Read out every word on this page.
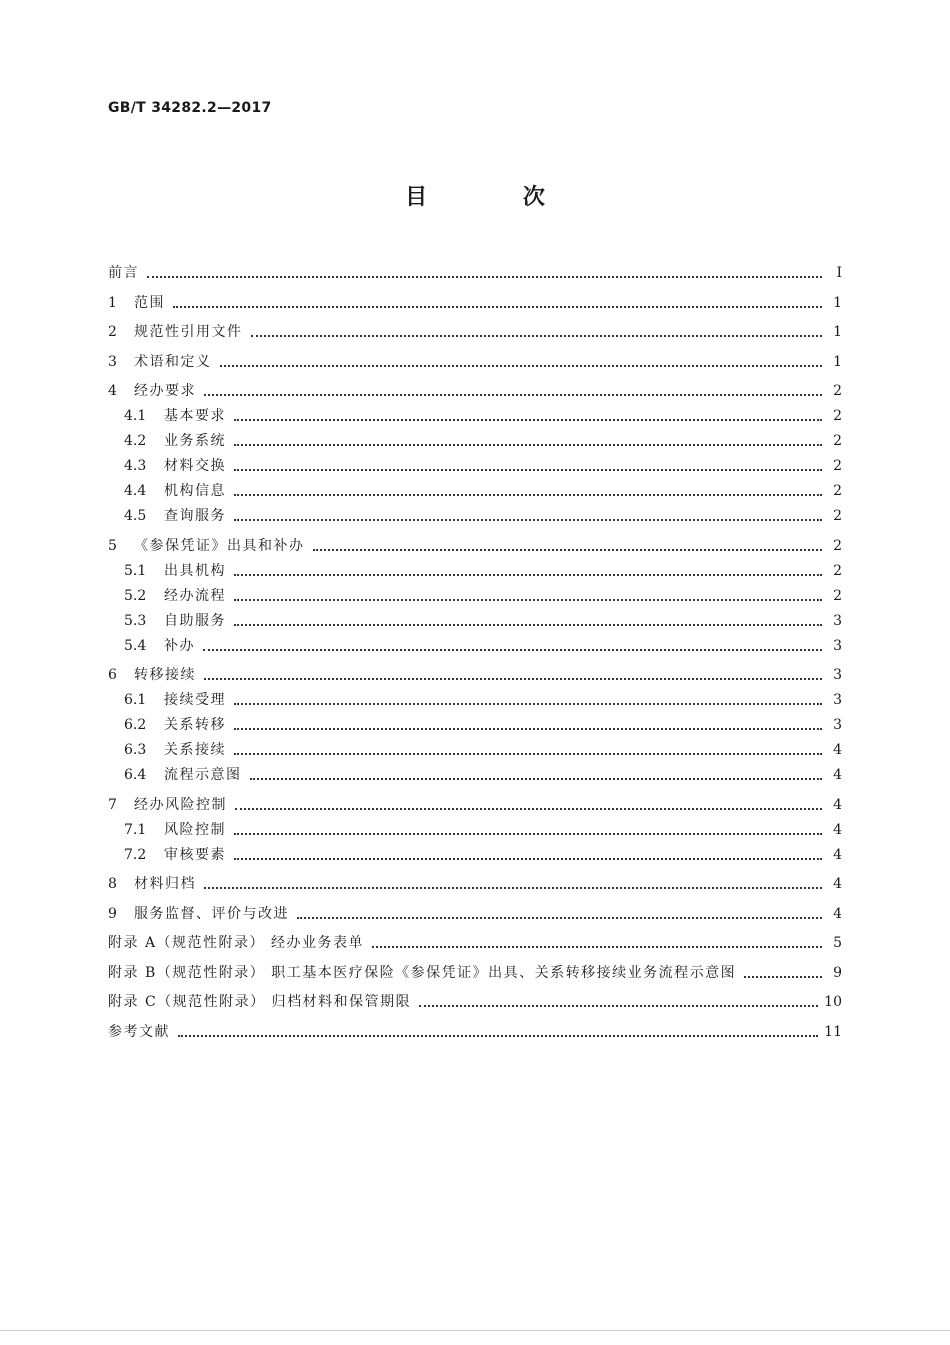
GB/T 34282.2—2017
目 次
前言	Ⅰ
1	范围	1
2	规范性引用文件	1
3	术语和定义	1
4	经办要求	2
4.1	基本要求	2
4.2	业务系统	2
4.3	材料交换	2
4.4	机构信息	2
4.5	查询服务	2
5	《参保凭证》出具和补办	2
5.1	出具机构	2
5.2	经办流程	2
5.3	自助服务	3
5.4	补办	3
6	转移接续	3
6.1	接续受理	3
6.2	关系转移	3
6.3	关系接续	4
6.4	流程示意图	4
7	经办风险控制	4
7.1	风险控制	4
7.2	审核要素	4
8	材料归档	4
9	服务监督、评价与改进	4
附录 A（规范性附录） 经办业务表单	5
附录 B（规范性附录） 职工基本医疗保险《参保凭证》出具、关系转移接续业务流程示意图	9
附录 C（规范性附录） 归档材料和保管期限	10
参考文献	11
